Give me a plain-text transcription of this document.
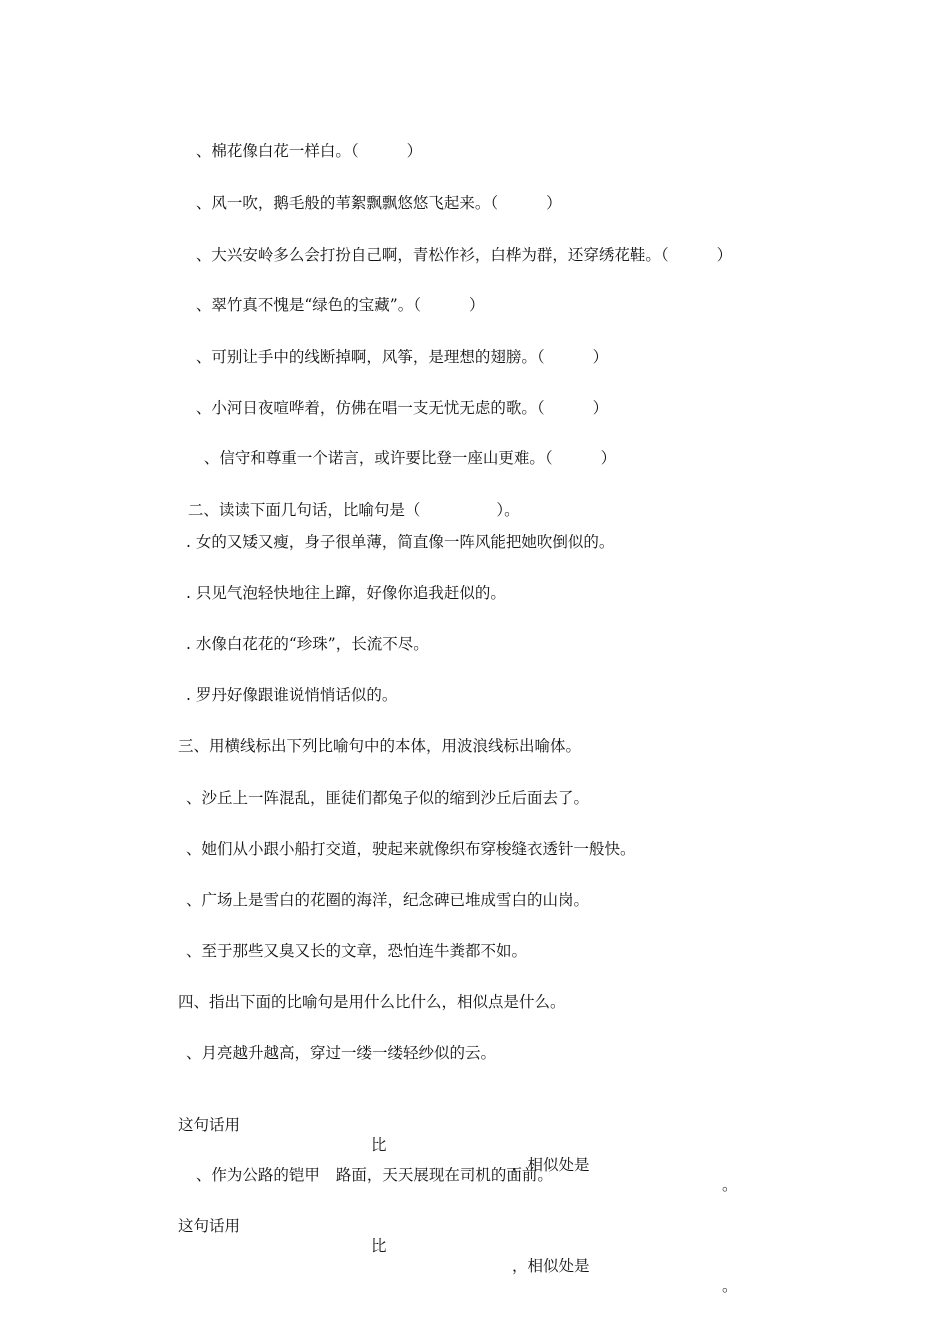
、棉花像白花一样白。（	）

、风一吹，鹅毛般的苇絮飘飘悠悠飞起来。（	）

、大兴安岭多么会打扮自己啊，青松作衫，白桦为群，还穿绣花鞋。（	）

、翠竹真不愧是“绿色的宝藏”。（	）

、可别让手中的线断掉啊，风筝，是理想的翅膀。（	）

、小河日夜喧哗着，仿佛在唱一支无忧无虑的歌。（	）

、信守和尊重一个诺言，或许要比登一座山更难。（	）

二、读读下面几句话，比喻句是（	）。

. 女的又矮又瘦，身子很单薄，简直像一阵风能把她吹倒似的。
. 只见气泡轻快地往上蹿，好像你追我赶似的。
. 水像白花花的“珍珠”，长流不尽。
. 罗丹好像跟谁说悄悄话似的。
三、用横线标出下列比喻句中的本体，用波浪线标出喻体。
、沙丘上一阵混乱，匪徒们都兔子似的缩到沙丘后面去了。
、她们从小跟小船打交道，驶起来就像织布穿梭缝衣透针一般快。
、广场上是雪白的花圈的海洋，纪念碑已堆成雪白的山岗。
、至于那些又臭又长的文章，恐怕连牛粪都不如。
四、指出下面的比喻句是用什么比什么，相似点是什么。
、月亮越升越高，穿过一缕一缕轻纱似的云。

这句话用

比

，相似处是

。

、作为公路的铠甲 路面，天天展现在司机的面前。

这句话用

比

，相似处是

。
